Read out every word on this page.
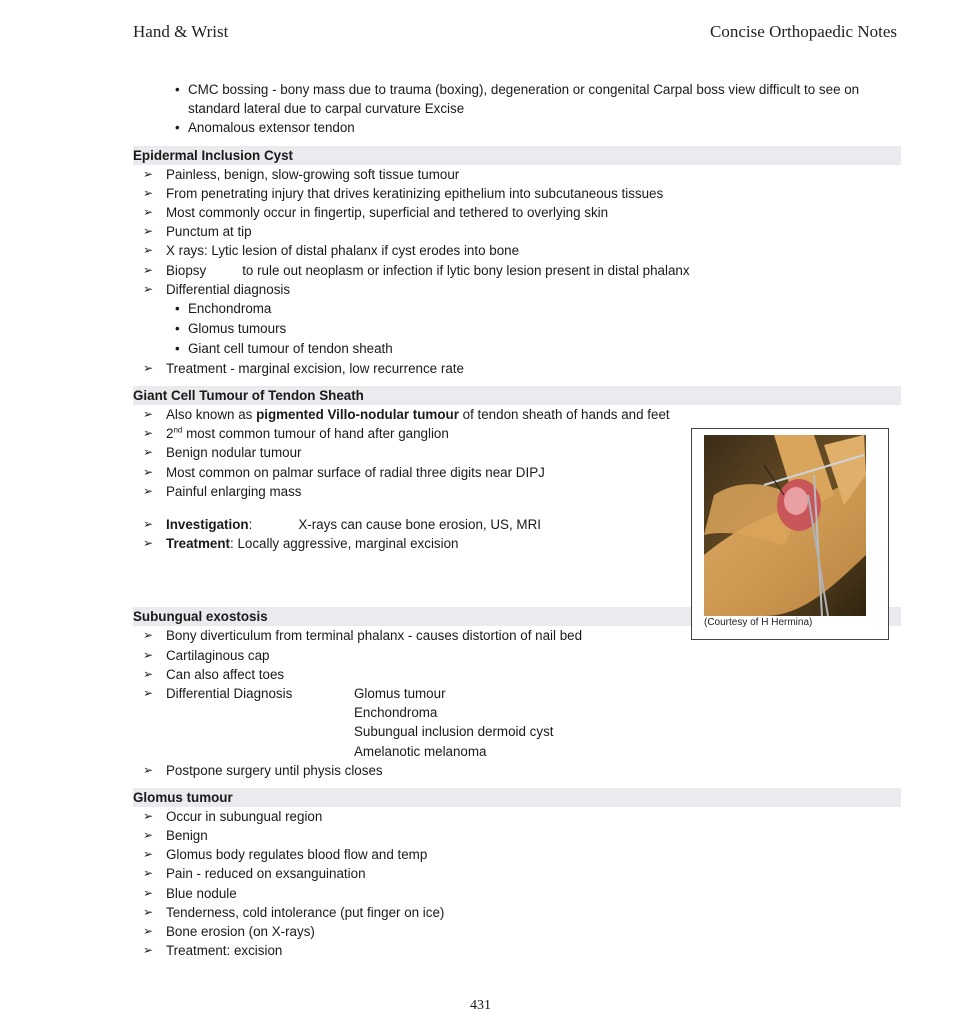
Hand & Wrist	Concise Orthopaedic Notes
• CMC bossing - bony mass due to trauma (boxing), degeneration or congenital Carpal boss view difficult to see on
standard lateral due to carpal curvature Excise
• Anomalous extensor tendon
Epidermal Inclusion Cyst
➢ Painless, benign, slow-growing soft tissue tumour
➢ From penetrating injury that drives keratinizing epithelium into subcutaneous tissues
➢ Most commonly occur in fingertip, superficial and tethered to overlying skin
➢ Punctum at tip
➢ X rays: Lytic lesion of distal phalanx if cyst erodes into bone
➢ Biopsy	to rule out neoplasm or infection if lytic bony lesion present in distal phalanx
➢ Differential diagnosis
• Enchondroma
• Glomus tumours
• Giant cell tumour of tendon sheath
➢ Treatment - marginal excision, low recurrence rate
Giant Cell Tumour of Tendon Sheath
➢ Also known as pigmented Villo-nodular tumour of tendon sheath of hands and feet
➢ 2nd most common tumour of hand after ganglion
➢ Benign nodular tumour
➢ Most common on palmar surface of radial three digits near DIPJ
➢ Painful enlarging mass
➢ Investigation:	X-rays can cause bone erosion, US, MRI
➢ Treatment: Locally aggressive, marginal excision
Subungual exostosis
➢ Bony diverticulum from terminal phalanx - causes distortion of nail bed
➢ Cartilaginous cap
➢ Can also affect toes
➢ Differential Diagnosis	Glomus tumour
Enchondroma
Subungual inclusion dermoid cyst
Amelanotic melanoma
➢ Postpone surgery until physis closes
Glomus tumour
➢ Occur in subungual region
➢ Benign
➢ Glomus body regulates blood flow and temp
➢ Pain - reduced on exsanguination
➢ Blue nodule
➢ Tenderness, cold intolerance (put finger on ice)
➢ Bone erosion (on X-rays)
➢ Treatment: excision
(Courtesy of H Hermina)
431
